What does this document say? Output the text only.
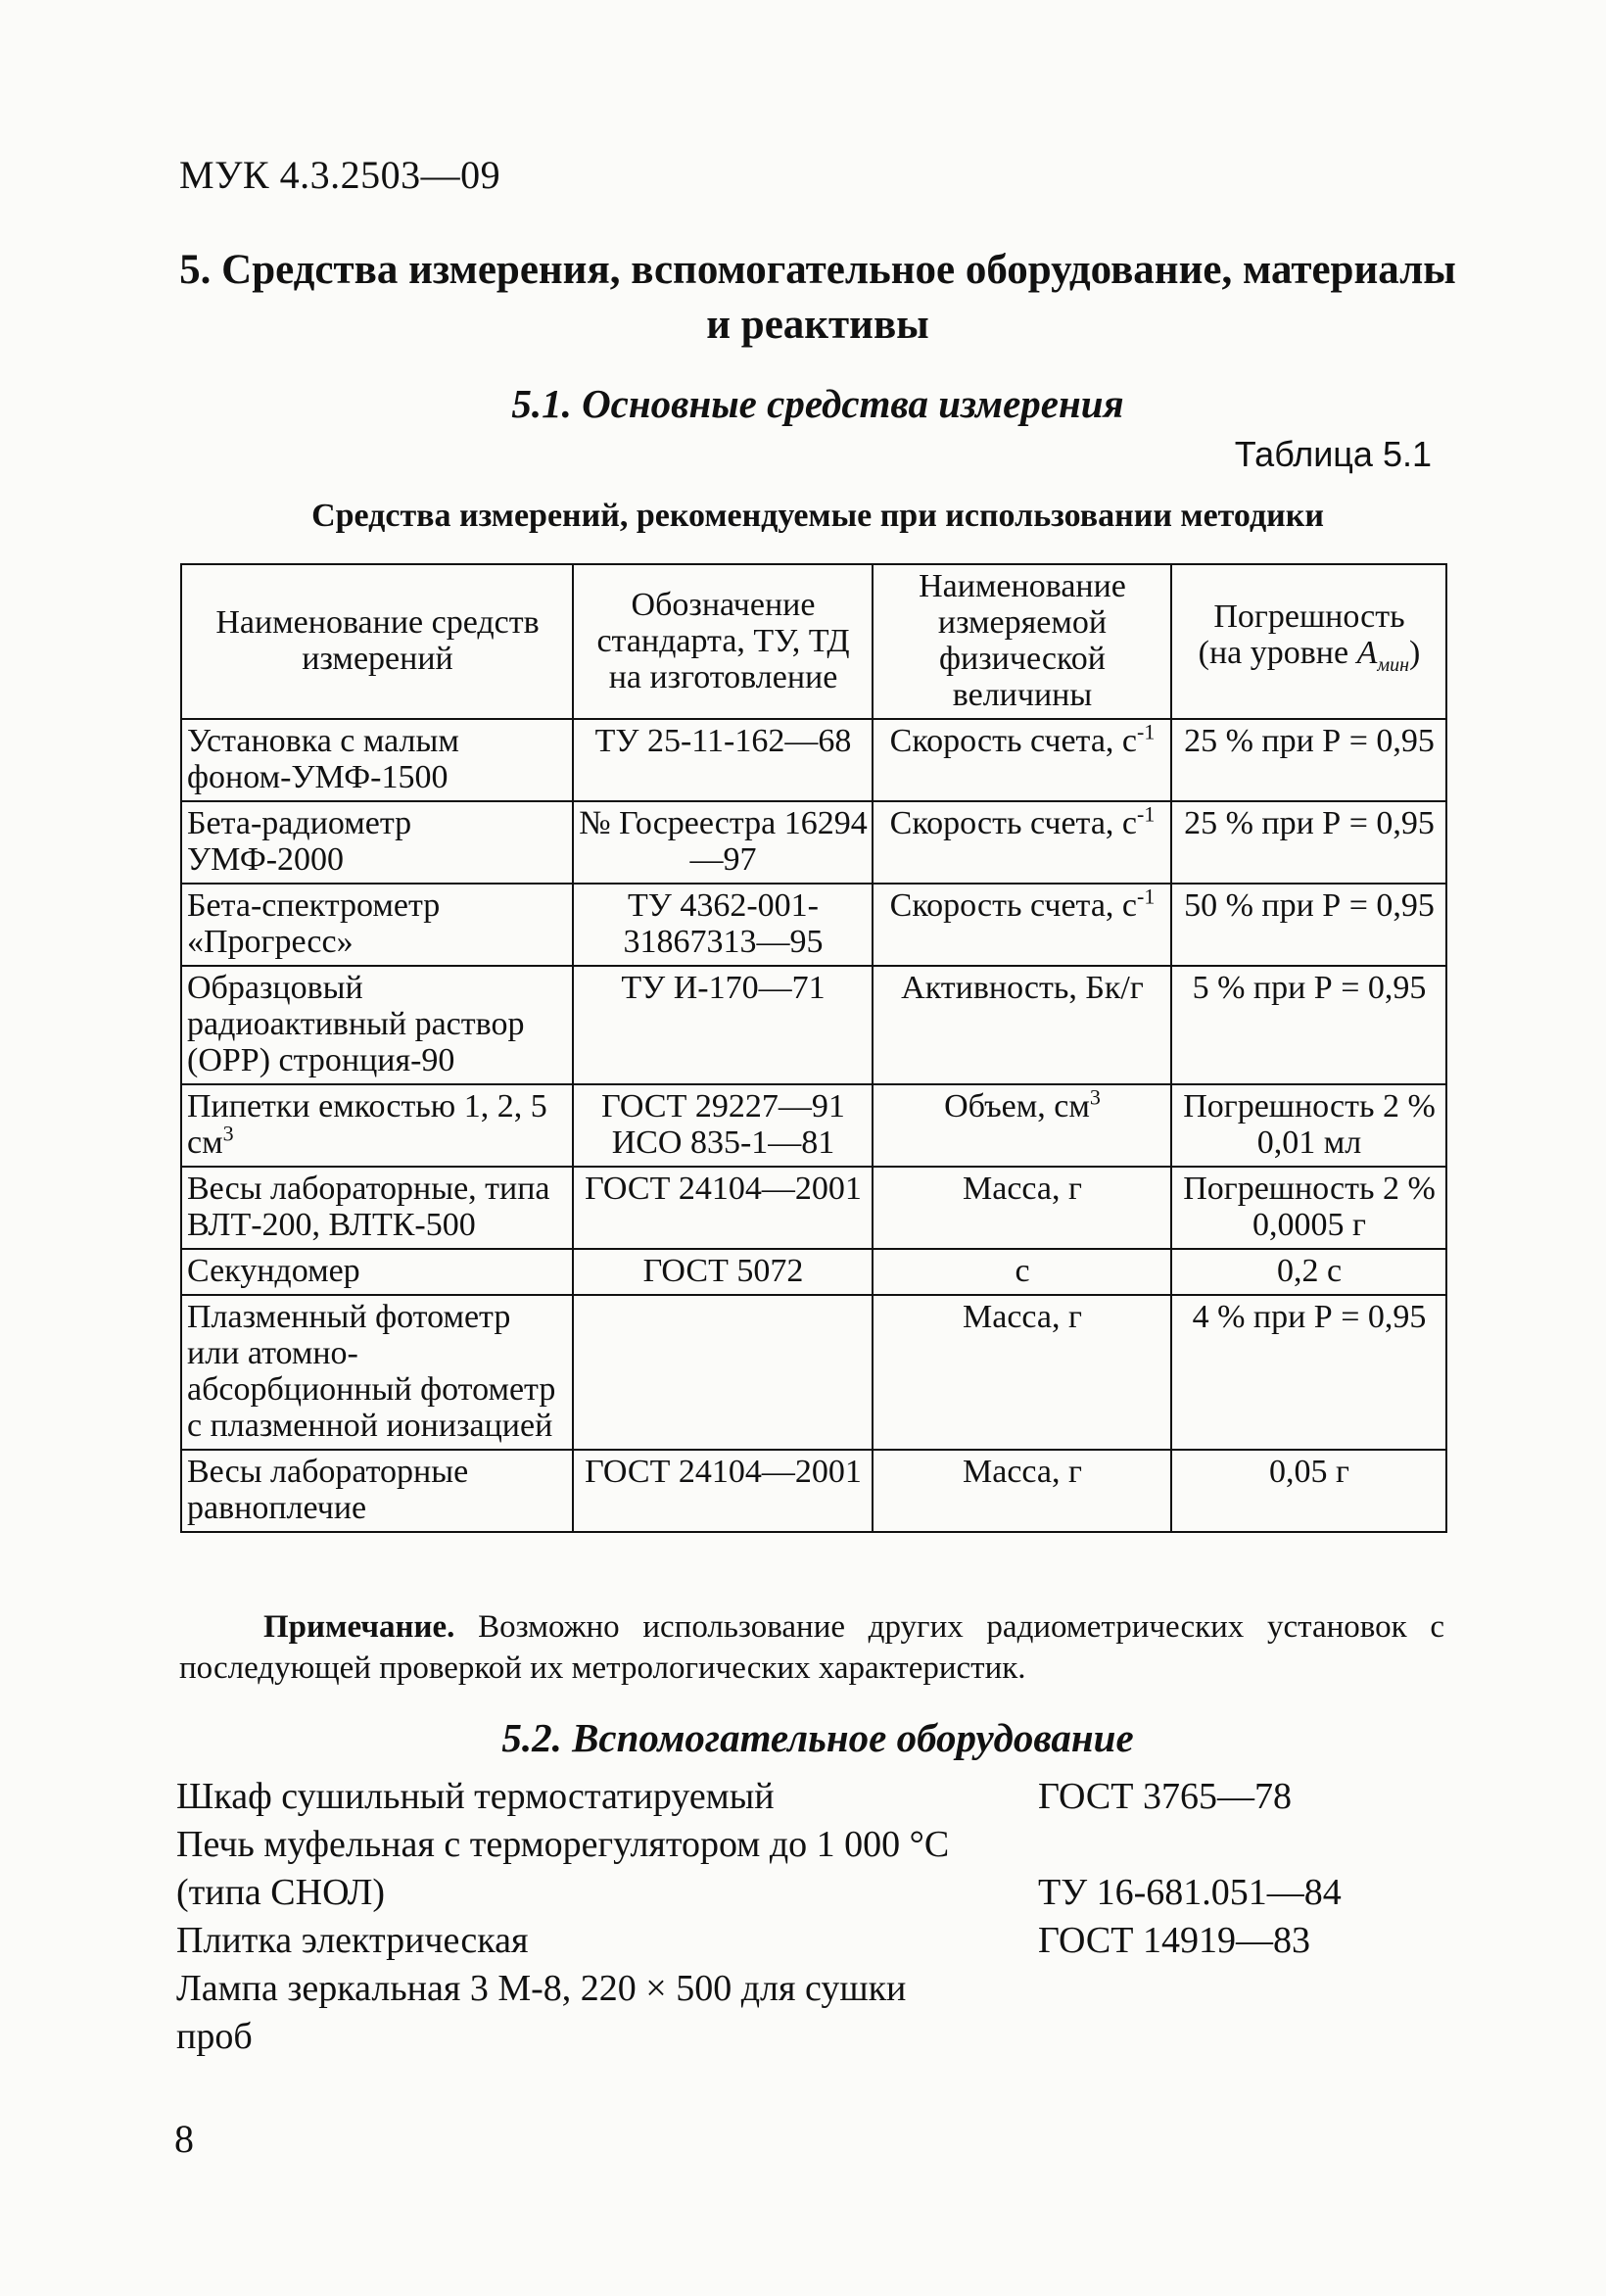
МУК 4.3.2503—09
5. Средства измерения, вспомогательное оборудование, материалы и реактивы
5.1. Основные средства измерения
Таблица 5.1
Средства измерений, рекомендуемые при использовании методики
Наименование средств измерений	Обозначение стандарта, ТУ, ТД на изготовление	Наименование измеряемой физической величины	Погрешность
(на уровне $A_{мин}$)
Установка с малым фоном-УМФ-1500	ТУ 25-11-162—68	Скорость счета, $с^{-1}$	25 % при Р = 0,95
Бета-радиометр УМФ-2000	№ Госреестра 16294—97	Скорость счета, $с^{-1}$	25 % при Р = 0,95
Бета-спектрометр «Прогресс»	ТУ 4362-001-31867313—95	Скорость счета, $с^{-1}$	50 % при Р = 0,95
Образцовый радиоактивный раствор (ОРР) стронция-90	ТУ И-170—71	Активность, Бк/г	5 % при Р = 0,95
Пипетки емкостью 1, 2, 5 $см^3$	ГОСТ 29227—91 ИСО 835-1—81	Объем, $см^3$	Погрешность 2 % 0,01 мл
Весы лабораторные, типа ВЛТ-200, ВЛТК-500	ГОСТ 24104—2001	Масса, г	Погрешность 2 % 0,0005 г
Секундомер	ГОСТ 5072	с	0,2 с
Плазменный фотометр или атомно-абсорбционный фотометр с плазменной ионизацией		Масса, г	4 % при Р = 0,95
Весы лабораторные равноплечие	ГОСТ 24104—2001	Масса, г	0,05 г

Примечание. Возможно использование других радиометрических установок с последующей проверкой их метрологических характеристик.

5.2. Вспомогательное оборудование
Шкаф сушильный термостатируемый	ГОСТ 3765—78
Печь муфельная с терморегулятором до 1 000 °С (типа СНОЛ)	ТУ 16-681.051—84
Плитка электрическая	ГОСТ 14919—83
Лампа зеркальная 3 М-8, 220 × 500 для сушки проб
8
